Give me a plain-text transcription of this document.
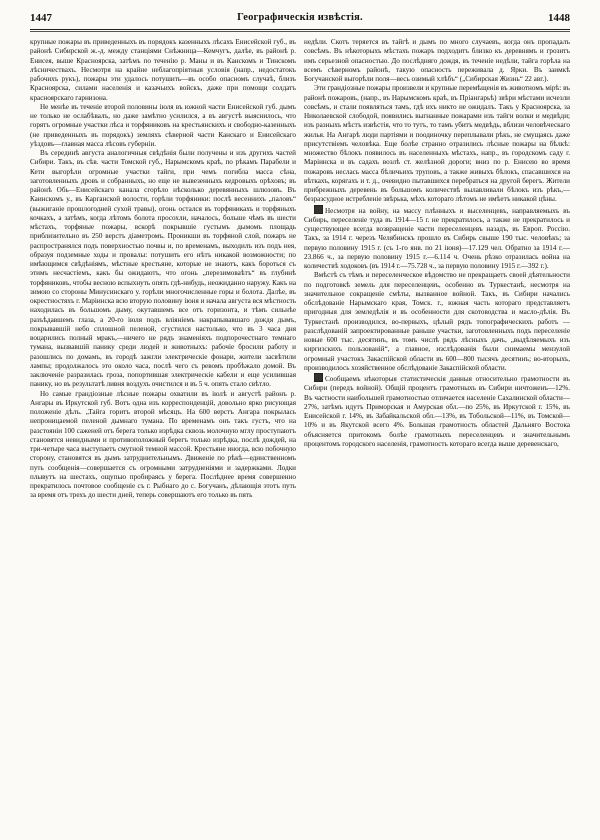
1447	Географическія извѣстія.	1448

крупные пожары въ приведенныхъ въ порядокъ казенныхъ лѣсахъ Енисейской губ., въ районѣ Сибирской ж.-д. между станціями Снѣжница—Кемчугъ, далѣе, въ районѣ р. Енисея, выше Красноярска, затѣмъ по теченію р. Маны и въ Канскомъ и Тинскомъ лѣсничествахъ. Несмотря на крайне неблагопріятныя условія (напр., недостатокъ рабочихъ рукъ), пожары эти удалось потушить—въ особо опасномъ случаѣ, близъ Красноярска, силами населенія и казачьихъ войскъ, даже при помощи солдатъ красноярскаго гарнизона.

Не менѣе въ теченіе второй половины іюля въ южной части Енисейской губ. дымъ не только не ослабѣвалъ, но даже замѣтно усилился, а въ августѣ выяснилось, что горятъ огромные участки лѣса и торфяниковъ на крестьянскихъ и свободно-казенныхъ (не приведенныхъ въ порядокъ) земляхъ сѣверной части Канскаго и Енисейскаго уѣздовъ—главная масса лѣсовъ губерніи.

Въ серединѣ августа аналогичныя свѣдѣнія были получены и изъ другихъ частей Сибири. Такъ, въ сѣв. части Томской губ., Нарымскомъ краѣ, по рѣкамъ Парабели и Кети выгорѣли огромные участки тайги, при чемъ погибла масса сѣна, заготовленныхъ дровъ и собранныхъ, но еще не вывезенныхъ кедровыхъ орѣховъ; въ районѣ Обь—Енисейскаго канала сгорѣло нѣсколько деревянныхъ шлюзовъ. Въ Каинскомъ у., въ Карганской волости, горѣли торфяники: послѣ весеннихъ „паловъ“ (выжиганіе прошлогодней сухой травы), огонь остался въ торфяникахъ и торфяныхъ кочкахъ, а затѣмъ, когда лѣтомъ болота просохли, началось, больше чѣмъ въ шести мѣстахъ, торфяные пожары, вскорѣ покрывшіе густымъ дымомъ площадь приблизительно въ 250 верстъ діаметромъ. Проникши въ торфяной слой, пожаръ не распространялся подъ поверхностью почвы и, по временамъ, выходилъ изъ подъ нея, образуя подземные ходы и провалы: потушить его нѣтъ никакой возможности; по имѣющимся свѣдѣніямъ, мѣстные крестьяне, которые не знаютъ, какъ бороться съ этимъ несчастіемъ, какъ бы ожидаютъ, что огонь „перезимоваѣтъ“ въ глубинѣ торфяниковъ, чтобы весною вспыхнуть опять гдѣ-нибудь, неожиданно наружу. Какъ на зимою со стороны Минусинскаго у. горѣли многочисленные горы и болота. Далѣе, въ окрестностяхъ г. Маріинска всю вторую половину іюня и начала августа вся мѣстность находилась въ большомъ дыму, окутавшемъ все отъ горизонта, и тѣмъ сильнѣе разъѣдавшемъ глаза, а 20-го іюля подъ вліяніемъ накрапывавшаго дождя дымъ, покрывавшій небо сплошной пеленой, сгустился настолько, что въ 3 часа дня воцарились полный мракъ,—ничего не рядъ знаменіяхъ подпорочестнаго темнаго тумана, вызвавшій панику среди людей и животныхъ: рабочіе бросили работу и разошлись по домамъ, въ городѣ зажгли электрическіе фонари, жители засвѣтили лампы; продолжалось это около часа, послѣ чего съ ревомъ пробѣжало домой. Въ заключеніе разразилась гроза, попортившая электрическіе кабели и еще усилившая панику, но въ результатѣ ливня воздухъ очистился и въ 5 ч. опять стало свѣтло.

Но самые грандіозные лѣсные пожары охватили въ іюлѣ и августѣ районъ р. Ангары въ Иркутской губ. Вотъ одна изъ корреспонденцій, довольно ярко рисующая положеніе дѣлъ. „Тайга горитъ второй мѣсяцъ. На 600 верстъ Ангара покрылась непроницаемой пеленой дымнаго тумана. По временамъ онъ такъ густъ, что на разстояніи 100 саженей отъ берега только изрѣдка сквозь молочную мглу проступаютъ становятся невидными и противоположный берегъ только изрѣдка, послѣ дождей, на три-четыре часа выступаетъ смутной темной массой. Крестьяне иногда, всю побочную сторону, становятся въ дымъ затруднительнымъ. Движеніе по рѣкѣ—единственномъ путь сообщенія—совершается съ огромными затрудненіями и задержками. Лодки плывутъ на шестахъ, ощупью пробираясь у берега. Послѣднее время совершенно прекратилось почтовое сообщеніе съ г. Рыбнаго до с. Богучанъ, дѣлающія этотъ путь за время отъ трехъ до шести дней, теперь совершаютъ его только въ пять

недѣли. Скотъ теряется въ тайгѣ и дымъ по много случаевъ, когда онъ пропадалъ совсѣмъ. Въ нѣкоторыхъ мѣстахъ пожаръ подходитъ близко къ деревнямъ и грозитъ имъ серьезной опасностью. До послѣдняго дождя, въ теченіе недѣли, тайга горѣла на всемъ сѣверномъ районѣ, такую опасность переживала д. Ярки. Въ заимкѣ Богучанской выгорѣли поля—весь озимый хлѣбъ“ („Сибирская Жизнь“ 22 авг.).

Эти грандіозные пожары произвели и крупные перемѣщенія въ животномъ мірѣ: въ районѣ пожаровъ, (напр., въ Нарымскомъ краѣ, въ Пріангарьѣ) звѣри мѣстами исчезли совсѣмъ, и стали появляться тамъ, гдѣ ихъ никто не ожидалъ. Такъ у Красноярска, за Николаевской слободой, появились выгнанные пожарами изъ тайги волки и медвѣди; изъ разныхъ мѣстъ извѣстія, что то тутъ, то тамъ убитъ медвѣдь, вблизи человѣческаго жилья. На Ангарѣ люди партіями и поодиночку переплывали рѣкъ, не смущаясь даже присутствіемъ человѣка. Еще болѣе странно отразились лѣсные пожары на бѣлкѣ: множество бѣлокъ появилось въ населенныхъ мѣстахъ, напр., въ городскомъ саду г. Маріинска и въ садахъ возлѣ ст. желѣзной дороги; вниз по р. Енисею во время пожаровъ неслась масса бѣличьихъ труповъ, а также живыхъ бѣлокъ, спасавшихся на вѣткахъ, корягахъ и т. д., очевидно пытавшихся перебраться на другой берегъ. Жители прибрежныхъ деревень въ большомъ количествѣ вылавливали бѣлокъ изъ рѣкъ,—безразсудное истребленіе звѣрька, мѣхъ котораго лѣтомъ не имѣетъ никакой цѣны.

Несмотря на войну, на массу плѣнныхъ и выселенцевъ, направляемыхъ въ Сибирь, переселеніе туда въ 1914—15 г. не прекратилось, а также не прекратилось и существующее всегда возвращеніе части переселенцевъ назадъ, въ Европ. Россію. Такъ, за 1914 г. черезъ Челябинскъ прошло въ Сибирь свыше 190 тыс. человѣкъ; за первую половину 1915 г. (съ 1-го янв. по 21 іюня)—17.129 чел. Обратно за 1914 г.—23.866 ч., за первую половину 1915 г.—6.114 ч. Очень рѣзко отразилась война на количествѣ ходоковъ (въ 1914 г.—75.728 ч., за первую половину 1915 г.—392 г.).

Вмѣстѣ съ тѣмъ и переселенческое вѣдомство не прекращаетъ своей дѣятельности по подготовкѣ земель для переселенцевъ, особенно въ Туркестанѣ, несмотря на значительное сокращеніе смѣты, вызванное войной. Такъ, въ Сибири начались обслѣдованіе Нарымскаго края, Томск. г., южная часть котораго представляетъ пригодныя для земледѣлія и въ особенности для скотоводства и масло-дѣлія. Въ Туркестанѣ производился, во-первыхъ, цѣлый рядъ топографическихъ работъ — разслѣдованій запроектированные раньше участки, заготовленныхъ подъ переселеніе новые 600 тыс. десятинъ, въ томъ числѣ рядъ лѣсныхъ дачъ, „выдѣляемыхъ изъ киргизскихъ пользованій“, а главное, изслѣдованія были снимаемы мензулой огромный участокъ Закаспійской области въ 600—800 тысячъ десятинъ; во-вторыхъ, производилось хозяйственное обслѣдованіе Закаспійской области.

Сообщаемъ нѣкоторыя статистическія данныя относительно грамотности въ Сибири (передъ войной). Общій процентъ грамотныхъ въ Сибири ничтоженъ—12%. Въ частности наибольшей грамотностью отличается населеніе Сахалинской области—27%, затѣмъ идутъ Приморская и Амурская обл.—по 25%, въ Иркутской г. 15%, въ Енисейской г. 14%, въ Забайкальской обл.—13%, въ Тобольской—11%, въ Томской—10% и въ Якутской всего 4%. Большая грамотность областей Дальняго Востока объясняется притокомъ болѣе грамотныхъ переселенцевъ и значительнымъ процентомъ городского населенія, грамотность котораго всегда выше деревенскаго,
